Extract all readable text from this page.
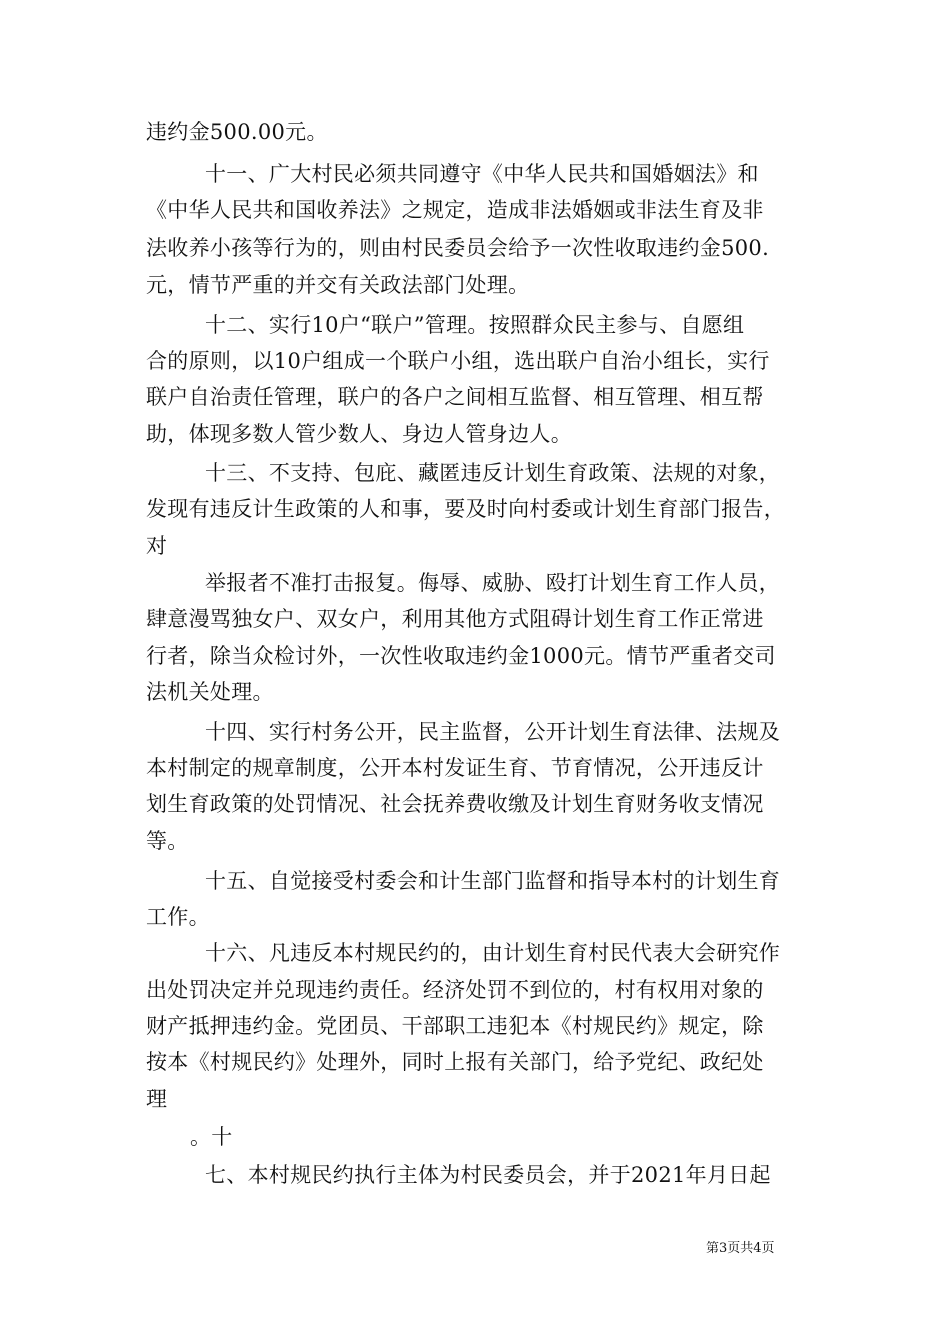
违约金500.00元。
十一、广大村民必须共同遵守《中华人民共和国婚姻法》和
《中华人民共和国收养法》之规定，造成非法婚姻或非法生育及非
法收养小孩等行为的，则由村民委员会给予一次性收取违约金500.
元，情节严重的并交有关政法部门处理。
十二、实行10户“联户”管理。按照群众民主参与、自愿组
合的原则，以10户组成一个联户小组，选出联户自治小组长，实行
联户自治责任管理，联户的各户之间相互监督、相互管理、相互帮
助，体现多数人管少数人、身边人管身边人。
十三、不支持、包庇、藏匿违反计划生育政策、法规的对象，
发现有违反计生政策的人和事，要及时向村委或计划生育部门报告，
对
举报者不准打击报复。侮辱、威胁、殴打计划生育工作人员，
肆意漫骂独女户、双女户，利用其他方式阻碍计划生育工作正常进
行者，除当众检讨外，一次性收取违约金1000元。情节严重者交司
法机关处理。
十四、实行村务公开，民主监督，公开计划生育法律、法规及
本村制定的规章制度，公开本村发证生育、节育情况，公开违反计
划生育政策的处罚情况、社会抚养费收缴及计划生育财务收支情况
等。
十五、自觉接受村委会和计生部门监督和指导本村的计划生育
工作。
十六、凡违反本村规民约的，由计划生育村民代表大会研究作
出处罚决定并兑现违约责任。经济处罚不到位的，村有权用对象的
财产抵押违约金。党团员、干部职工违犯本《村规民约》规定，除
按本《村规民约》处理外，同时上报有关部门，给予党纪、政纪处
理
。十
七、本村规民约执行主体为村民委员会，并于2021年月日起
第3页共4页
